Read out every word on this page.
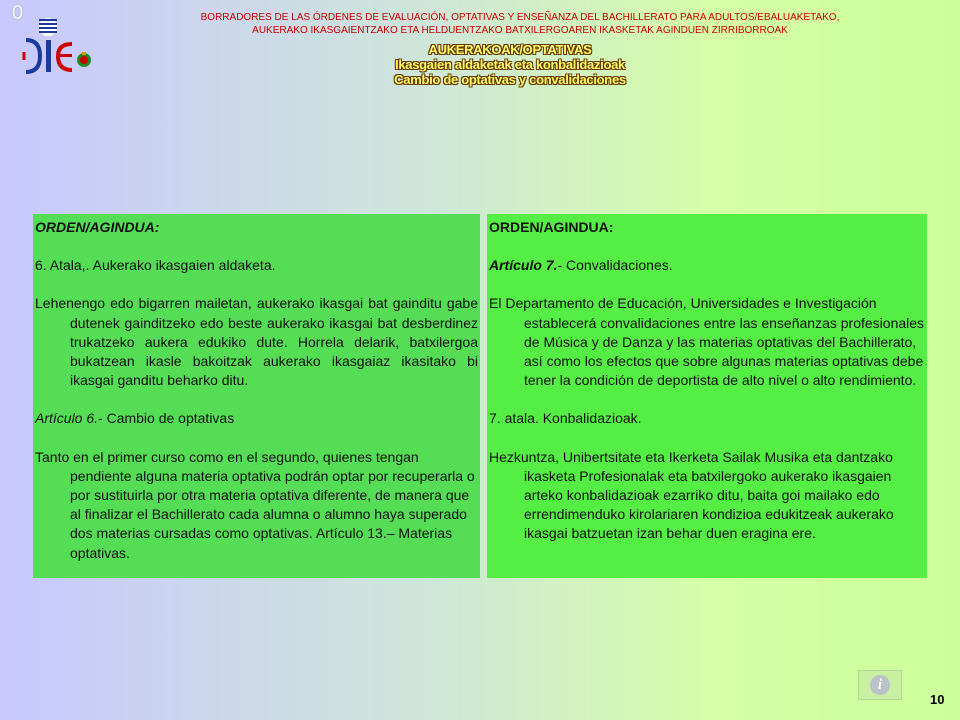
0	BORRADORES DE LAS ÓRDENES DE EVALUACIÓN, OPTATIVAS Y ENSEÑANZA DEL BACHILLERATO PARA ADULTOS/EBALUAKETAKO,
AUKERAKO IKASGAIENTZAKO ETA HELDUENTZAKO BATXILERGOAREN IKASKETAK AGINDUEN ZIRRIBORROAK
AUKERAKOAK/OPTATIVAS
Ikasgaien aldaketak eta konbalidazioak
Cambio de optativas y convalidaciones

ORDEN/AGINDUA:

6. Atala,. Aukerako ikasgaien aldaketa.

Lehenengo edo bigarren mailetan, aukerako ikasgai bat gainditu gabe dutenek gainditzeko edo beste aukerako ikasgai bat desberdinez trukatzeko aukera edukiko dute. Horrela delarik, batxilergoa bukatzean ikasle bakoitzak aukerako ikasgaiaz ikasitako bi ikasgai ganditu beharko ditu.

Artículo 6.- Cambio de optativas

Tanto en el primer curso como en el segundo, quienes tengan pendiente alguna materia optativa podrán optar por recuperarla o por sustituirla por otra materia optativa diferente, de manera que al finalizar el Bachillerato cada alumna o alumno haya superado dos materias cursadas como optativas. Artículo 13.– Materias optativas.

ORDEN/AGINDUA:

Artículo 7.- Convalidaciones.

El Departamento de Educación, Universidades e Investigación establecerá convalidaciones entre las enseñanzas profesionales de Música y de Danza y las materias optativas del Bachillerato, así como los efectos que sobre algunas materias optativas debe tener la condición de deportista de alto nivel o alto rendimiento.

7. atala. Konbalidazioak.

Hezkuntza, Unibertsitate eta Ikerketa Sailak Musika eta dantzako ikasketa Profesionalak eta batxilergoko aukerako ikasgaien arteko konbalidazioak ezarriko ditu, baita goi mailako edo errendimenduko kirolariaren kondizioa edukitzeak aukerako ikasgai batzuetan izan behar duen eragina ere.

i
10
